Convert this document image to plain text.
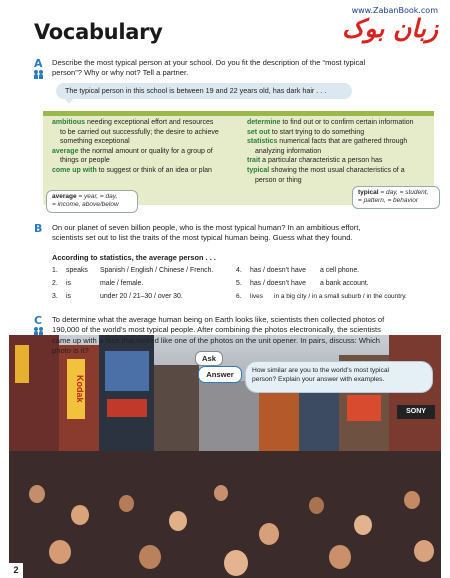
Vocabulary
www.ZabanBook.com
زبان بوک
A Describe the most typical person at your school. Do you fit the description of the “most typical
person”? Why or why not? Tell a partner.
The typical person in this school is between 19 and 22 years old, has dark hair . . .

ambitious needing exceptional effort and resources

to be carried out successfully; the desire to achieve

something exceptional

average the normal amount or quality for a group of

things or people

come up with to suggest or think of an idea or plan

determine to find out or to confirm certain information

set out to start trying to do something

statistics numerical facts that are gathered through

analyzing information

trait a particular characteristic a person has

typical showing the most usual characteristics of a

person or thing

average = year, = day,
= income, above/below
typical = day, = student,
= pattern, = behavior
B On our planet of seven billion people, who is the most typical human? In an ambitious effort,
scientists set out to list the traits of the most typical human being. Guess what they found.
According to statistics, the average person . . .
1. speaks Spanish / English / Chinese / French.
2. is	male / female.
3. is	under 20 / 21–30 / over 30.
4. has / doesn’t have a cell phone.
5. has / doesn’t have a bank account.
6. lives in a big city / in a small suburb / in the country.
C To determine what the average human being on Earth looks like, scientists then collected photos of
190,000 of the world’s most typical people. After combining the photos electronically, the scientists
came up with a face that looked like one of the photos on the unit opener. In pairs, discuss: Which
photo is it?
Kodak
SONY
Ask
Answer	How similar are you to the world’s most typical
person? Explain your answer with examples.
2
